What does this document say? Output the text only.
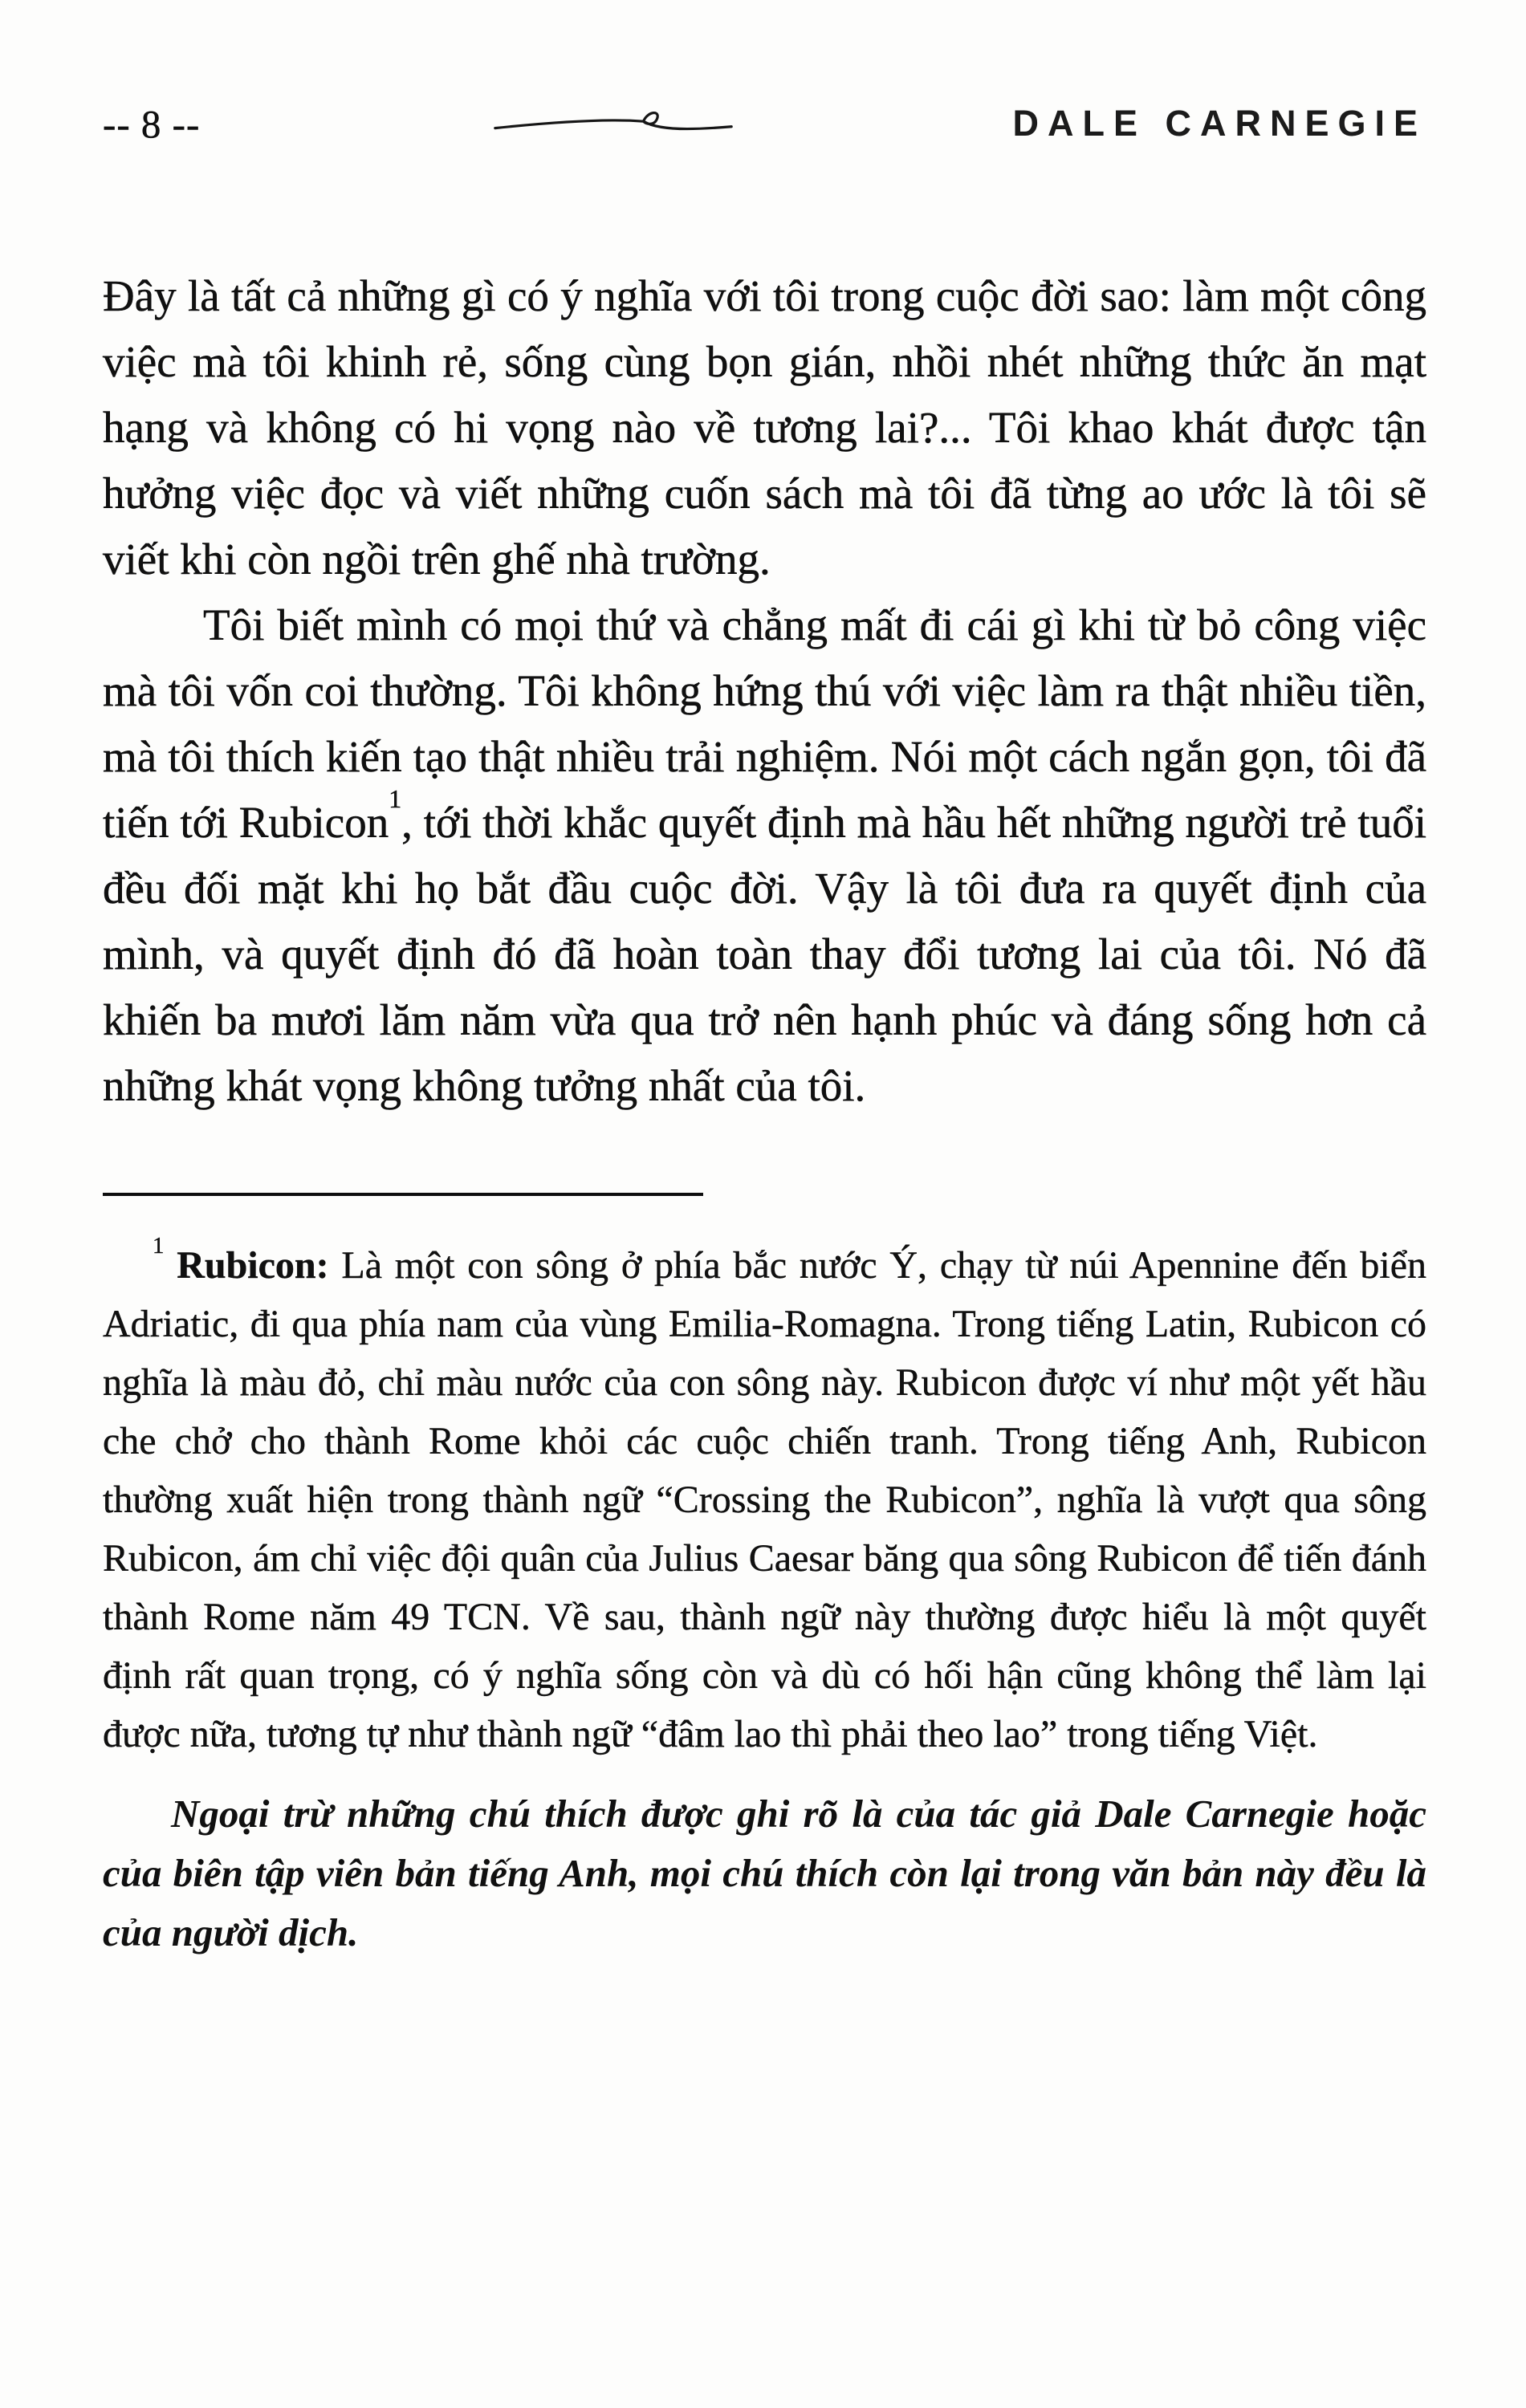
-- 8 --	DALE CARNEGIE

Đây là tất cả những gì có ý nghĩa với tôi trong cuộc đời sao: làm một công việc mà tôi khinh rẻ, sống cùng bọn gián, nhồi nhét những thức ăn mạt hạng và không có hi vọng nào về tương lai?... Tôi khao khát được tận hưởng việc đọc và viết những cuốn sách mà tôi đã từng ao ước là tôi sẽ viết khi còn ngồi trên ghế nhà trường.

Tôi biết mình có mọi thứ và chẳng mất đi cái gì khi từ bỏ công việc mà tôi vốn coi thường. Tôi không hứng thú với việc làm ra thật nhiều tiền, mà tôi thích kiến tạo thật nhiều trải nghiệm. Nói một cách ngắn gọn, tôi đã tiến tới Rubicon$^1$, tới thời khắc quyết định mà hầu hết những người trẻ tuổi đều đối mặt khi họ bắt đầu cuộc đời. Vậy là tôi đưa ra quyết định của mình, và quyết định đó đã hoàn toàn thay đổi tương lai của tôi. Nó đã khiến ba mươi lăm năm vừa qua trở nên hạnh phúc và đáng sống hơn cả những khát vọng không tưởng nhất của tôi.

$^1$ Rubicon: Là một con sông ở phía bắc nước Ý, chạy từ núi Apennine đến biển Adriatic, đi qua phía nam của vùng Emilia-Romagna. Trong tiếng Latin, Rubicon có nghĩa là màu đỏ, chỉ màu nước của con sông này. Rubicon được ví như một yết hầu che chở cho thành Rome khỏi các cuộc chiến tranh. Trong tiếng Anh, Rubicon thường xuất hiện trong thành ngữ “Crossing the Rubicon”, nghĩa là vượt qua sông Rubicon, ám chỉ việc đội quân của Julius Caesar băng qua sông Rubicon để tiến đánh thành Rome năm 49 TCN. Về sau, thành ngữ này thường được hiểu là một quyết định rất quan trọng, có ý nghĩa sống còn và dù có hối hận cũng không thể làm lại được nữa, tương tự như thành ngữ “đâm lao thì phải theo lao” trong tiếng Việt.

Ngoại trừ những chú thích được ghi rõ là của tác giả Dale Carnegie hoặc của biên tập viên bản tiếng Anh, mọi chú thích còn lại trong văn bản này đều là của người dịch.
